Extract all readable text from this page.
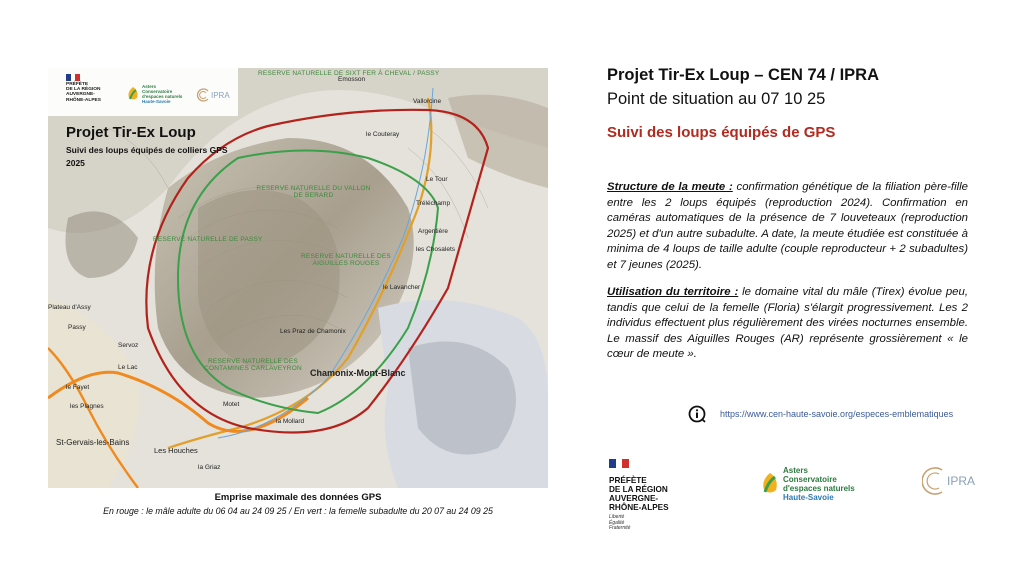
RESERVE NATURELLE DE SIXT FER À CHEVAL / PASSY
RESERVE NATURELLE DU VALLON DE BERARD
RESERVE NATURELLE DE PASSY
RESERVE NATURELLE DES AIGUILLES ROUGES
RESERVE NATURELLE DES CONTAMINES CARLAVEYRON
Emosson
Vallorcine
le Couteray
Le Tour
Tréléchamp
Argentière
les Chosalets
le Lavancher
Les Praz de Chamonix
Chamonix-Mont-Blanc
Plateau d'Assy
Passy
Servoz
Le Lac
le Fayet
les Plagnes	Motet
St-Gervais-les-Bains
Les Houches
la Griaz
la Mollard
PRÉFÈTE
DE LA RÉGION
AUVERGNE-
RHÔNE-ALPES
Asters
Conservatoire
d'espaces naturels
Haute-Savoie
IPRA
Projet Tir-Ex Loup
Suivi des loups équipés de colliers GPS
2025
Emprise maximale des données GPS
En rouge : le mâle adulte du 06 04 au 24 09 25 / En vert : la femelle subadulte du 20 07 au 24 09 25
Projet Tir-Ex Loup – CEN 74 / IPRA
Point de situation au 07 10 25
Suivi des loups équipés de GPS
Structure de la meute : confirmation génétique de la filiation père-fille entre les 2 loups équipés (reproduction 2024). Confirmation en caméras automatiques de la présence de 7 louveteaux (reproduction 2025) et d'un autre subadulte. A date, la meute étudiée est constituée à minima de 4 loups de taille adulte (couple reproducteur + 2 subadultes) et 7 jeunes (2025).
Utilisation du territoire : le domaine vital du mâle (Tirex) évolue peu, tandis que celui de la femelle (Floria) s'élargit progressivement. Les 2 individus effectuent plus régulièrement des virées nocturnes ensemble. Le massif des Aiguilles Rouges (AR) représente grossièrement « le cœur de meute ».
https://www.cen-haute-savoie.org/especes-emblematiques
PRÉFÈTE
DE LA RÉGION
AUVERGNE-
RHÔNE-ALPES
Liberté
Égalité
Fraternité
Asters
Conservatoire
d'espaces naturels
Haute-Savoie
IPRA
